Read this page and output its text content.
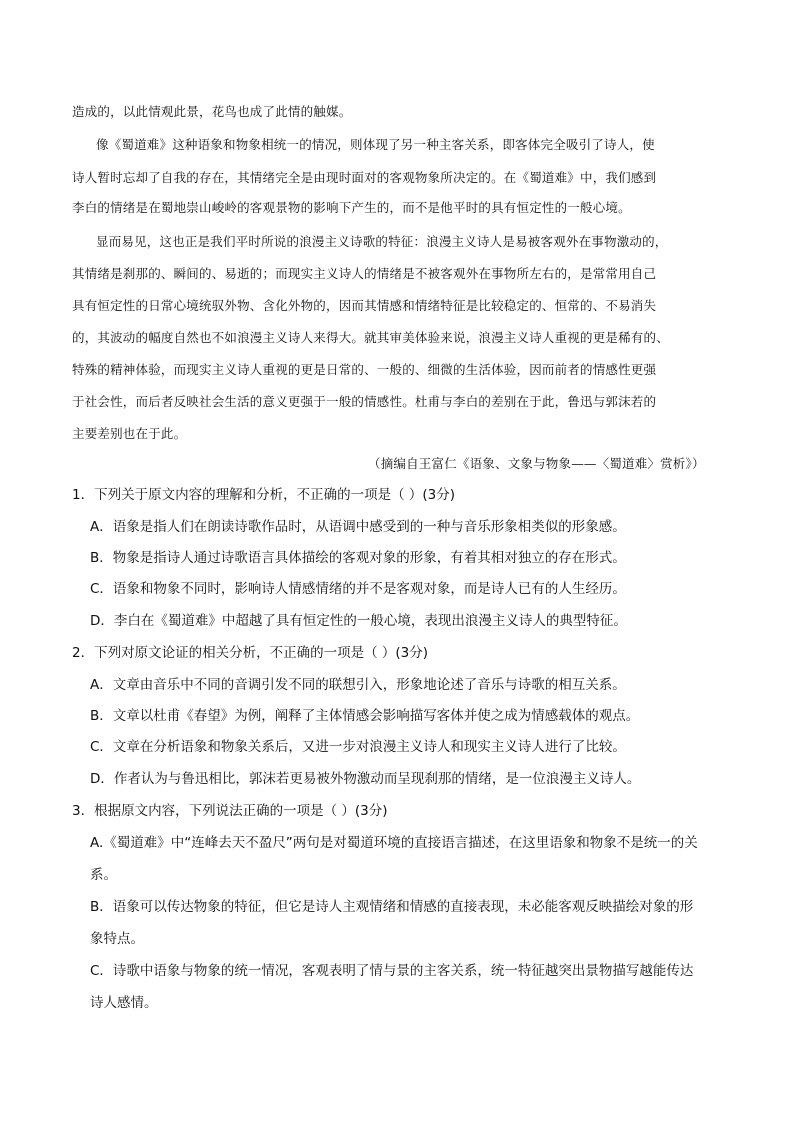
造成的，以此情观此景，花鸟也成了此情的触媒。
像《蜀道难》这种语象和物象相统一的情况，则体现了另一种主客关系，即客体完全吸引了诗人，使
诗人暂时忘却了自我的存在，其情绪完全是由现时面对的客观物象所决定的。在《蜀道难》中，我们感到
李白的情绪是在蜀地崇山峻岭的客观景物的影响下产生的，而不是他平时的具有恒定性的一般心境。
显而易见，这也正是我们平时所说的浪漫主义诗歌的特征：浪漫主义诗人是易被客观外在事物激动的，
其情绪是刹那的、瞬间的、易逝的；而现实主义诗人的情绪是不被客观外在事物所左右的，是常常用自己
具有恒定性的日常心境统驭外物、含化外物的，因而其情感和情绪特征是比较稳定的、恒常的、不易消失
的，其波动的幅度自然也不如浪漫主义诗人来得大。就其审美体验来说，浪漫主义诗人重视的更是稀有的、
特殊的精神体验，而现实主义诗人重视的更是日常的、一般的、细微的生活体验，因而前者的情感性更强
于社会性，而后者反映社会生活的意义更强于一般的情感性。杜甫与李白的差别在于此，鲁迅与郭沫若的
主要差别也在于此。
（摘编自王富仁《语象、文象与物象——〈蜀道难〉赏析》）
1．下列关于原文内容的理解和分析，不正确的一项是（ ）(3分)
A．语象是指人们在朗读诗歌作品时，从语调中感受到的一种与音乐形象相类似的形象感。
B．物象是指诗人通过诗歌语言具体描绘的客观对象的形象，有着其相对独立的存在形式。
C．语象和物象不同时，影响诗人情感情绪的并不是客观对象，而是诗人已有的人生经历。
D．李白在《蜀道难》中超越了具有恒定性的一般心境，表现出浪漫主义诗人的典型特征。
2．下列对原文论证的相关分析，不正确的一项是（ ）(3分)
A．文章由音乐中不同的音调引发不同的联想引入，形象地论述了音乐与诗歌的相互关系。
B．文章以杜甫《春望》为例，阐释了主体情感会影响描写客体并使之成为情感载体的观点。
C．文章在分析语象和物象关系后，又进一步对浪漫主义诗人和现实主义诗人进行了比较。
D．作者认为与鲁迅相比，郭沫若更易被外物激动而呈现刹那的情绪，是一位浪漫主义诗人。
3．根据原文内容，下列说法正确的一项是（ ）(3分)
A.《蜀道难》中“连峰去天不盈尺”两句是对蜀道环境的直接语言描述，在这里语象和物象不是统一的关
系。
B．语象可以传达物象的特征，但它是诗人主观情绪和情感的直接表现，未必能客观反映描绘对象的形
象特点。
C．诗歌中语象与物象的统一情况，客观表明了情与景的主客关系，统一特征越突出景物描写越能传达
诗人感情。
